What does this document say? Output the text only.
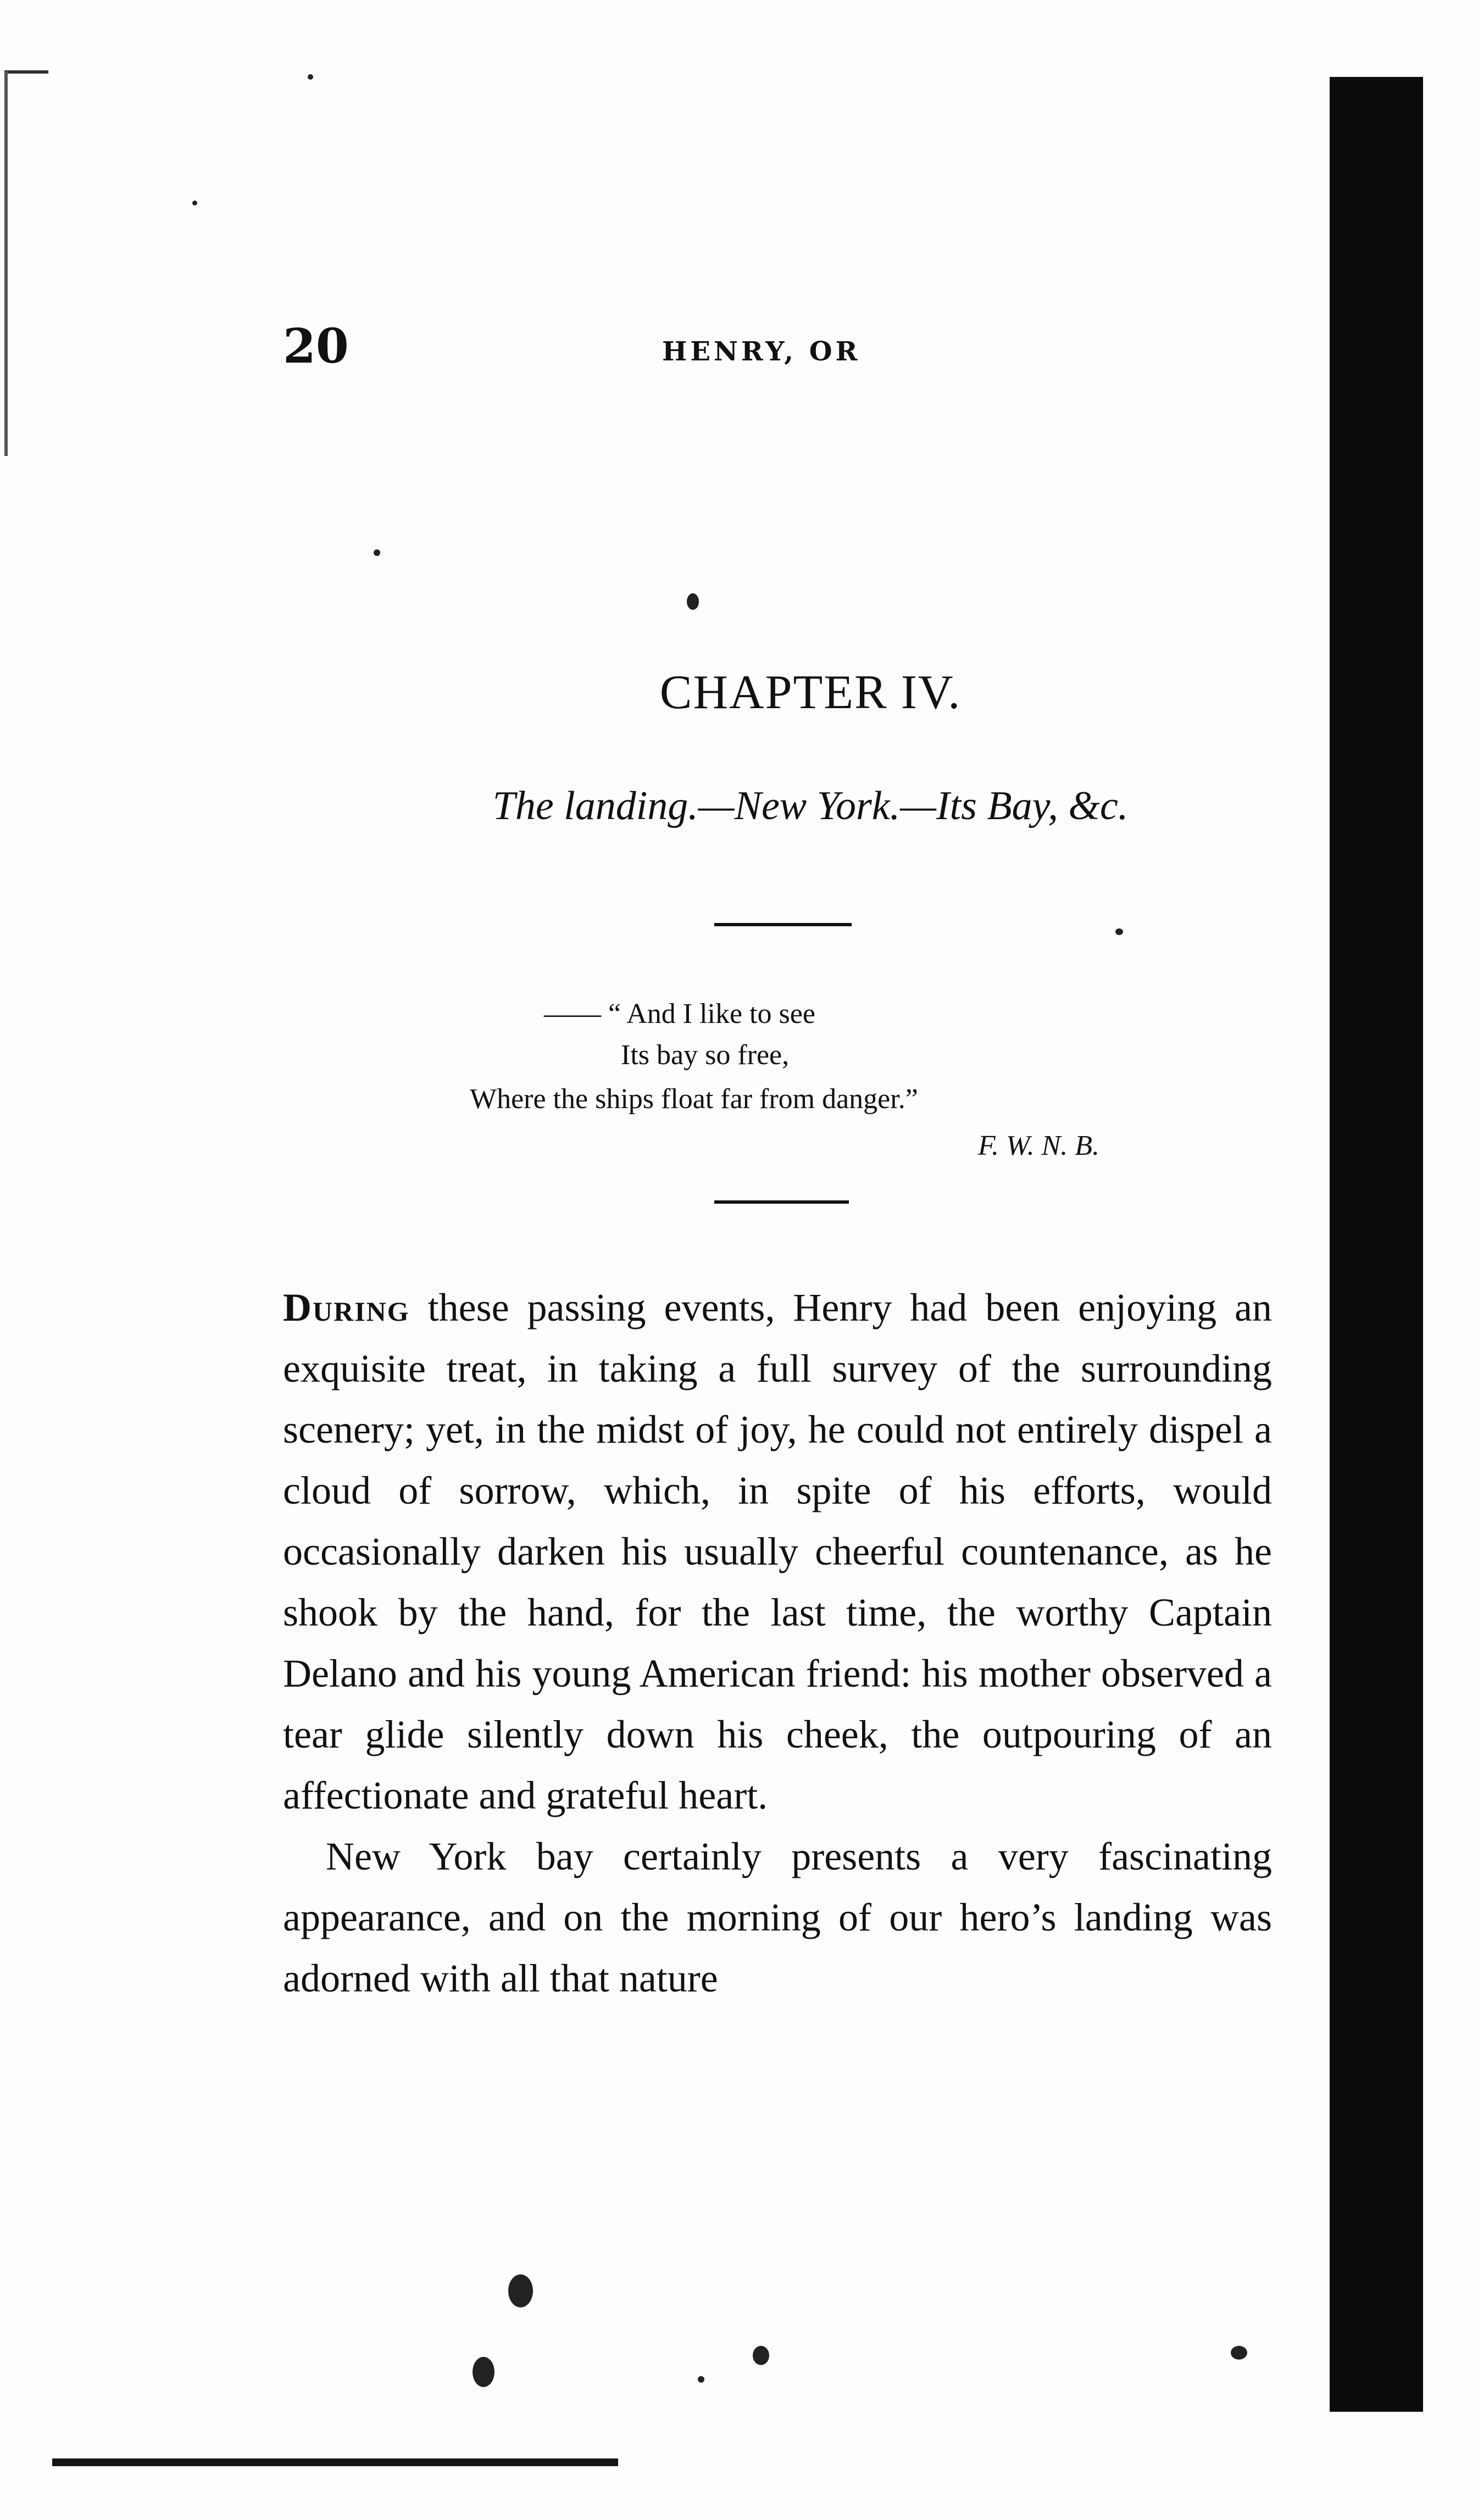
20	HENRY, OR
CHAPTER IV.
The landing.—New York.—Its Bay, &c.
—— “ And I like to see
Its bay so free,
Where the ships float far from danger.”
F. W. N. B.

During these passing events, Henry had been enjoying an exquisite treat, in taking a full survey of the surrounding scenery; yet, in the midst of joy, he could not entirely dispel a cloud of sorrow, which, in spite of his efforts, would occasionally darken his usually cheerful countenance, as he shook by the hand, for the last time, the worthy Captain Delano and his young American friend: his mother observed a tear glide silently down his cheek, the outpouring of an affectionate and grateful heart.

New York bay certainly presents a very fascinating appearance, and on the morning of our hero’s landing was adorned with all that nature
